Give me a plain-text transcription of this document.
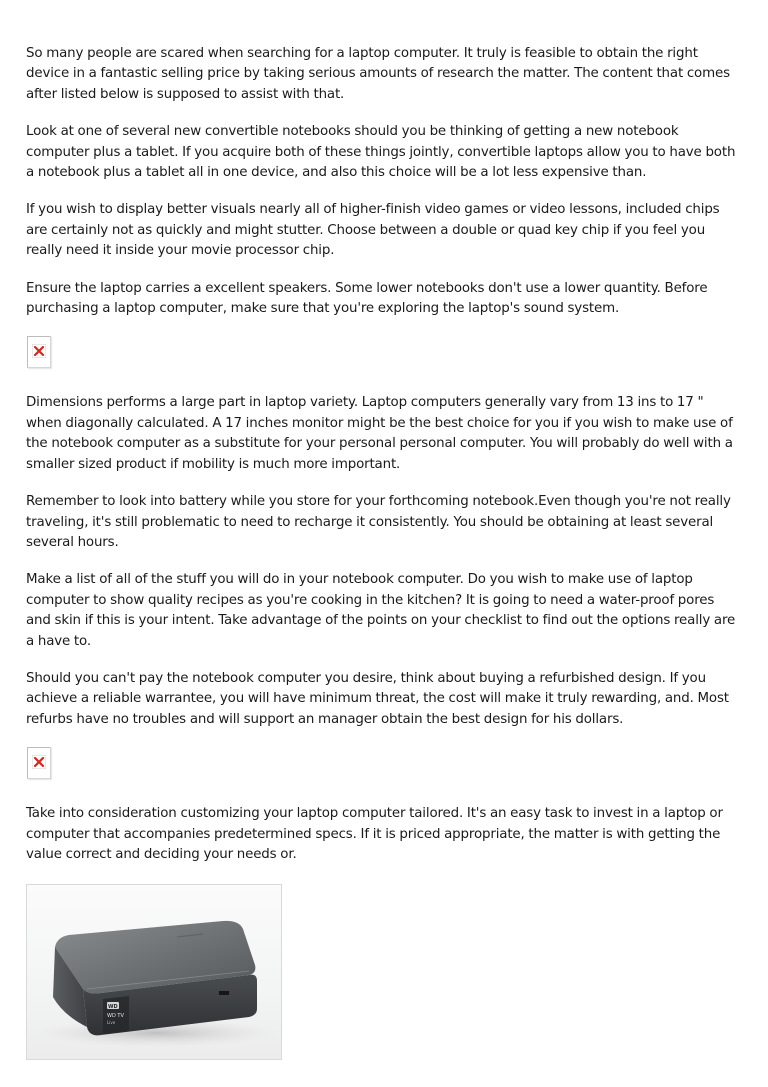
So many people are scared when searching for a laptop computer. It truly is feasible to obtain the right device in a fantastic selling price by taking serious amounts of research the matter. The content that comes after listed below is supposed to assist with that.

Look at one of several new convertible notebooks should you be thinking of getting a new notebook computer plus a tablet. If you acquire both of these things jointly, convertible laptops allow you to have both a notebook plus a tablet all in one device, and also this choice will be a lot less expensive than.

If you wish to display better visuals nearly all of higher-finish video games or video lessons, included chips are certainly not as quickly and might stutter. Choose between a double or quad key chip if you feel you really need it inside your movie processor chip.

Ensure the laptop carries a excellent speakers. Some lower notebooks don't use a lower quantity. Before purchasing a laptop computer, make sure that you're exploring the laptop's sound system.

Dimensions performs a large part in laptop variety. Laptop computers generally vary from 13 ins to 17 " when diagonally calculated. A 17 inches monitor might be the best choice for you if you wish to make use of the notebook computer as a substitute for your personal personal computer. You will probably do well with a smaller sized product if mobility is much more important.

Remember to look into battery while you store for your forthcoming notebook.Even though you're not really traveling, it's still problematic to need to recharge it consistently. You should be obtaining at least several several hours.

Make a list of all of the stuff you will do in your notebook computer. Do you wish to make use of laptop computer to show quality recipes as you're cooking in the kitchen? It is going to need a water-proof pores and skin if this is your intent. Take advantage of the points on your checklist to find out the options really are a have to.

Should you can't pay the notebook computer you desire, think about buying a refurbished design. If you achieve a reliable warrantee, you will have minimum threat, the cost will make it truly rewarding, and. Most refurbs have no troubles and will support an manager obtain the best design for his dollars.

Take into consideration customizing your laptop computer tailored. It's an easy task to invest in a laptop or computer that accompanies predetermined specs. If it is priced appropriate, the matter is with getting the value correct and deciding your needs or.

WD
WD TV
Live
